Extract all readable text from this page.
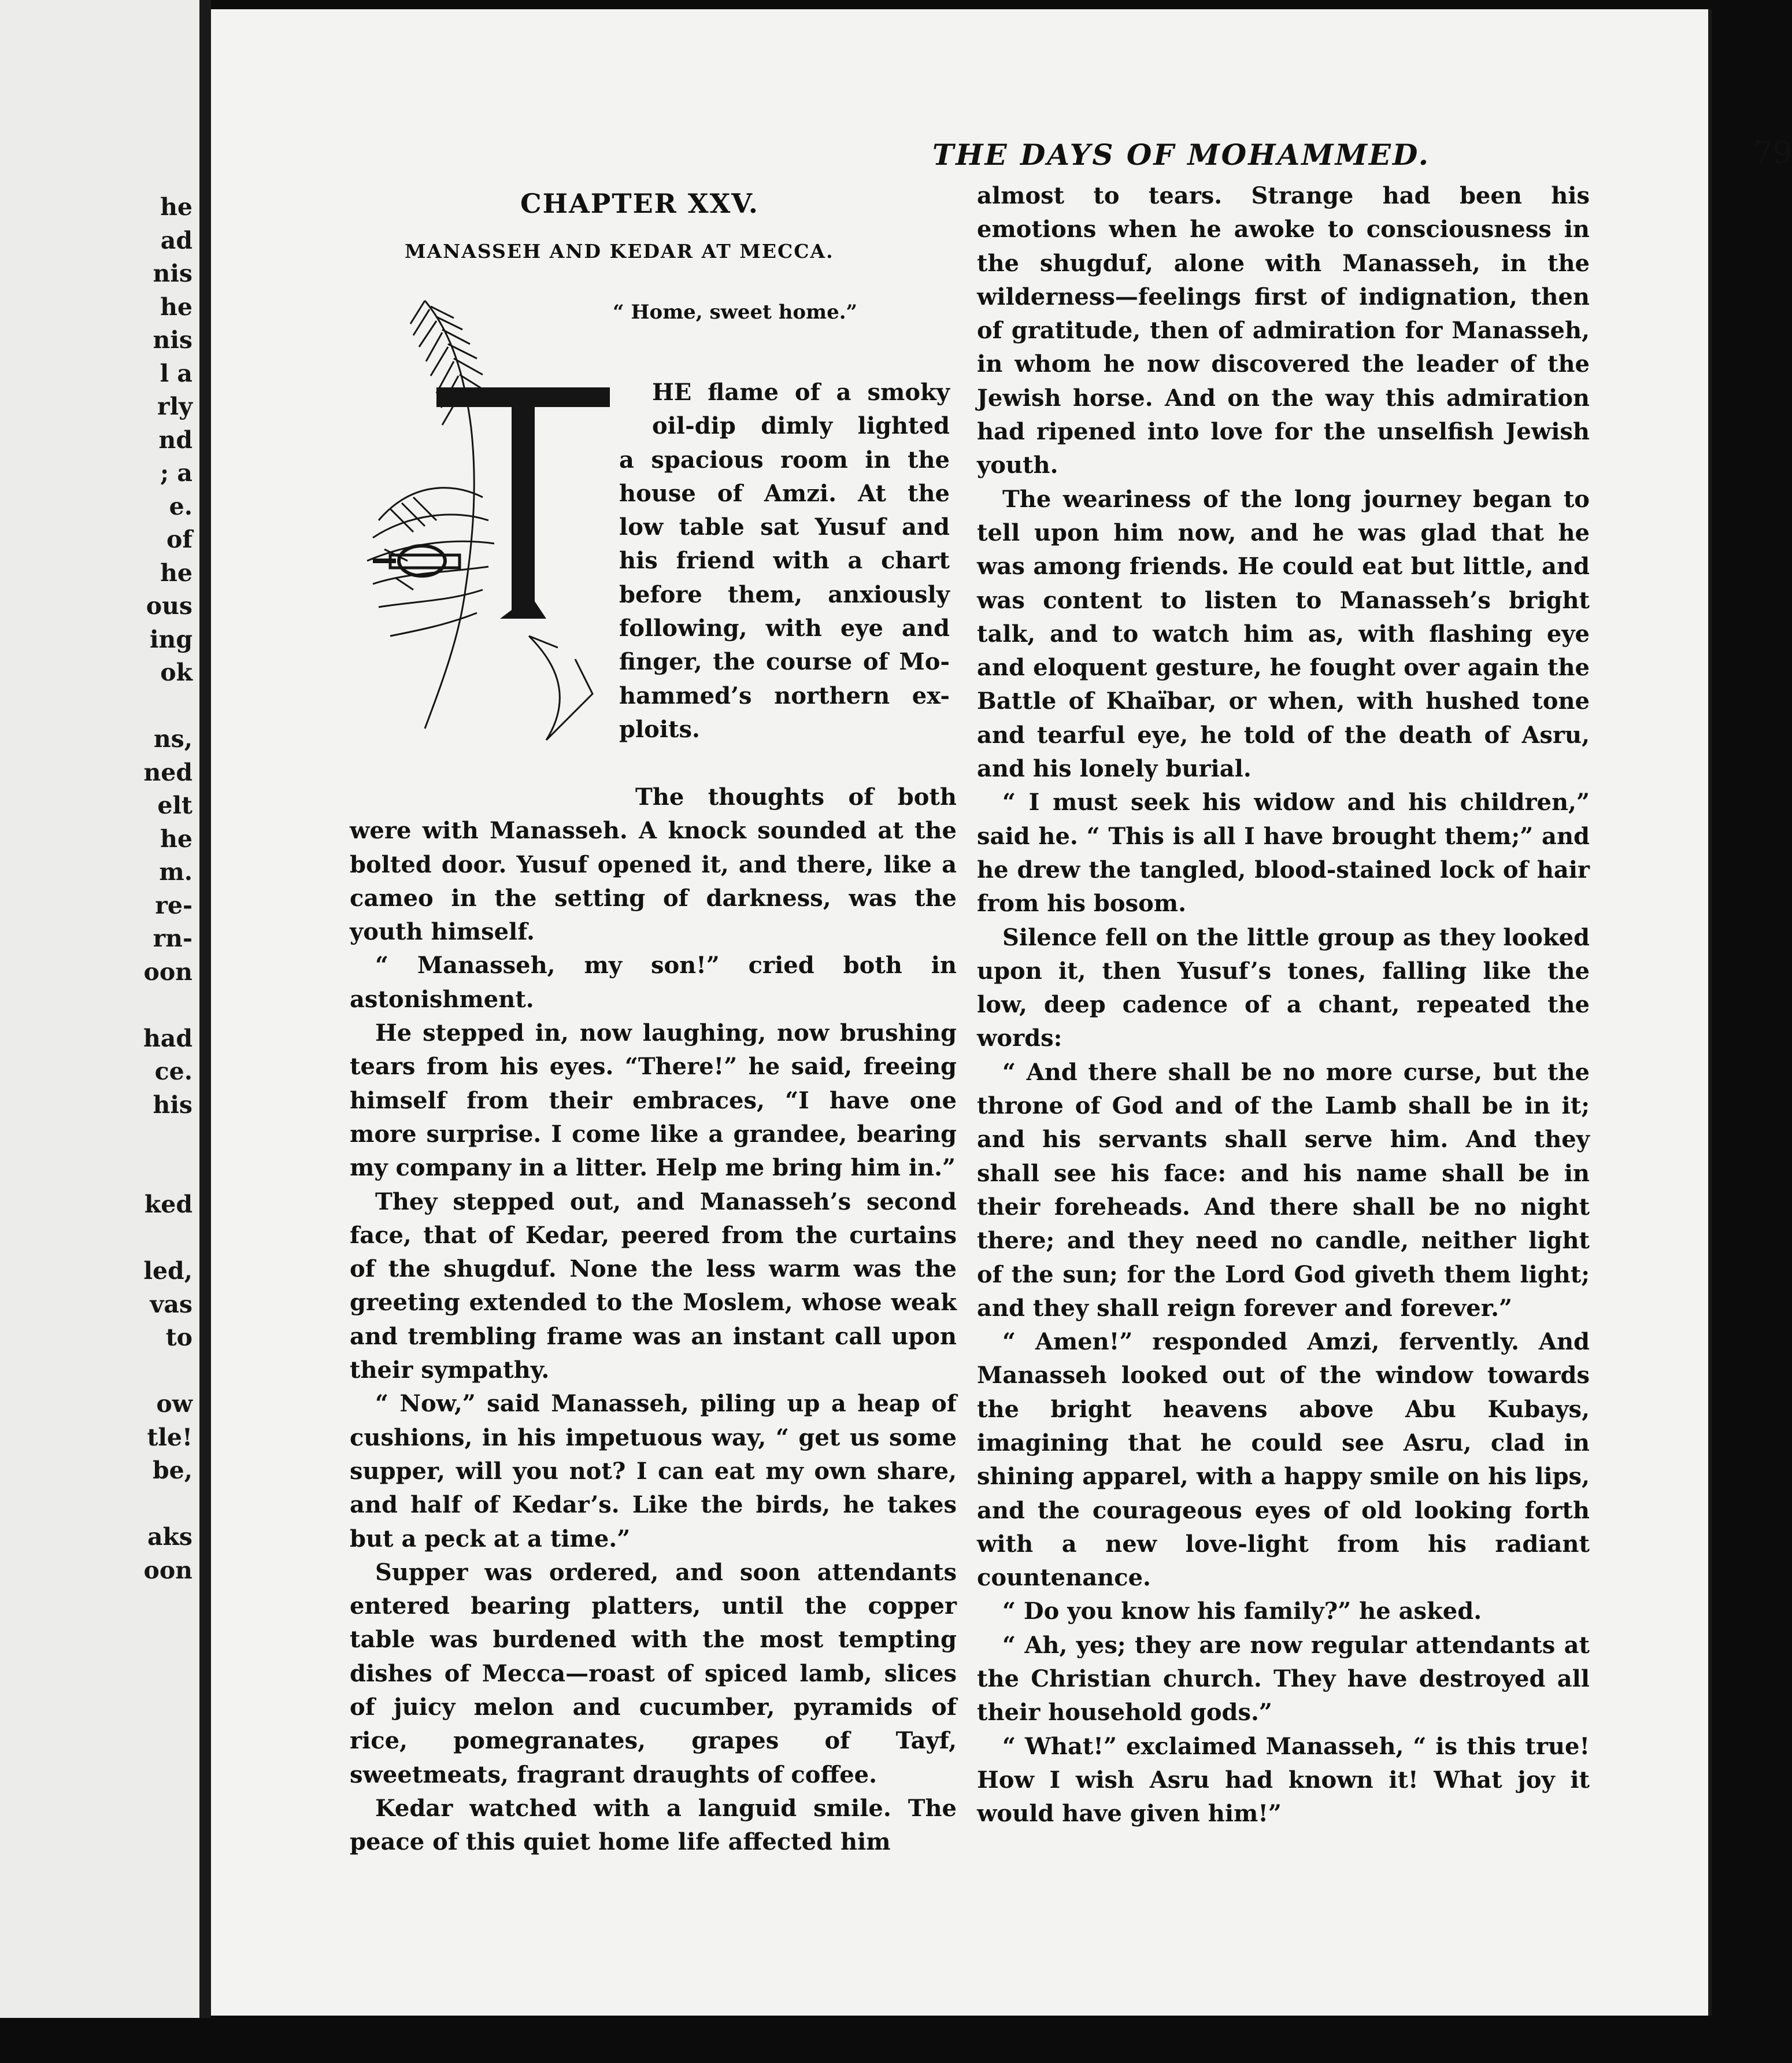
he
ad
nis
he
nis
l a
rly
nd
; a
e.
of
he
ous
ing
ok
ns,
ned
elt
he
m.
re-
rn-
oon
had
ce.
his
ked
led,
vas
to
ow
tle!
be,
aks
oon
THE DAYS OF MOHAMMED.	79
CHAPTER XXV.
MANASSEH AND KEDAR AT MECCA.
“ Home, sweet home.”
HE flame of a smoky
oil-dip dimly lighted
a spacious room in the
house of Amzi. At the
low table sat Yusuf and
his friend with a chart
before them, anxiously
following, with eye and
finger, the course of Mo-
hammed’s northern ex-
ploits.

The thoughts of both were with Manasseh. A knock sounded at the bolted door. Yusuf opened it, and there, like a cameo in the setting of darkness, was the youth himself.

“ Manasseh, my son!” cried both in astonishment.

He stepped in, now laughing, now brushing tears from his eyes. “There!” he said, freeing himself from their embraces, “I have one more surprise. I come like a grandee, bearing my company in a litter. Help me bring him in.”

They stepped out, and Manasseh’s second face, that of Kedar, peered from the curtains of the shugduf. None the less warm was the greeting extended to the Moslem, whose weak and trembling frame was an instant call upon their sympathy.

“ Now,” said Manasseh, piling up a heap of cushions, in his impetuous way, “ get us some supper, will you not? I can eat my own share, and half of Kedar’s. Like the birds, he takes but a peck at a time.”

Supper was ordered, and soon attendants entered bearing platters, until the copper table was burdened with the most tempting dishes of Mecca—roast of spiced lamb, slices of juicy melon and cucumber, pyramids of rice, pomegranates, grapes of Tayf, sweetmeats, fragrant draughts of coffee.

Kedar watched with a languid smile. The peace of this quiet home life affected him

almost to tears. Strange had been his emotions when he awoke to consciousness in the shugduf, alone with Manasseh, in the wilderness—feelings first of indignation, then of gratitude, then of admiration for Manasseh, in whom he now discovered the leader of the Jewish horse. And on the way this admiration had ripened into love for the unselfish Jewish youth.

The weariness of the long journey began to tell upon him now, and he was glad that he was among friends. He could eat but little, and was content to listen to Manasseh’s bright talk, and to watch him as, with flashing eye and eloquent gesture, he fought over again the Battle of Khaïbar, or when, with hushed tone and tearful eye, he told of the death of Asru, and his lonely burial.

“ I must seek his widow and his children,” said he. “ This is all I have brought them;” and he drew the tangled, blood-stained lock of hair from his bosom.

Silence fell on the little group as they looked upon it, then Yusuf’s tones, falling like the low, deep cadence of a chant, repeated the words:

“ And there shall be no more curse, but the throne of God and of the Lamb shall be in it; and his servants shall serve him. And they shall see his face: and his name shall be in their foreheads. And there shall be no night there; and they need no candle, neither light of the sun; for the Lord God giveth them light; and they shall reign forever and forever.”

“ Amen!” responded Amzi, fervently. And Manasseh looked out of the window towards the bright heavens above Abu Kubays, imagining that he could see Asru, clad in shining apparel, with a happy smile on his lips, and the courageous eyes of old looking forth with a new love-light from his radiant countenance.

“ Do you know his family?” he asked.

“ Ah, yes; they are now regular attendants at the Christian church. They have destroyed all their household gods.”

“ What!” exclaimed Manasseh, “ is this true! How I wish Asru had known it! What joy it would have given him!”
